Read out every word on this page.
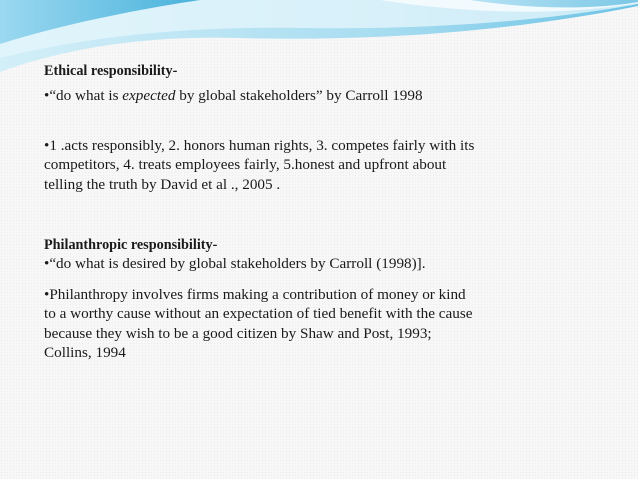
Ethical responsibility-

•“do what is expected by global stakeholders” by Carroll 1998

•1 .acts responsibly, 2. honors human rights, 3. competes fairly with its

competitors, 4. treats employees fairly, 5.honest and upfront about

telling the truth by David et al ., 2005 .

Philanthropic responsibility-

•“do what is desired by global stakeholders by Carroll (1998)].

•Philanthropy involves firms making a contribution of money or kind

to a worthy cause without an expectation of tied benefit with the cause

because they wish to be a good citizen by Shaw and Post, 1993;

Collins, 1994
